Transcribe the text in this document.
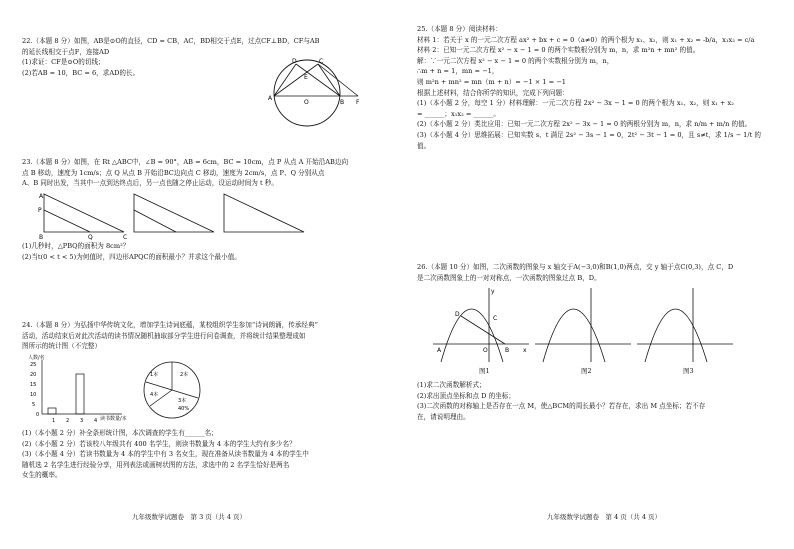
22.（本题 8 分）如图，AB是⊙O的直径，CD = CB，AC，BD相交于点E，过点CF⊥BD，CF与AB
的延长线相交于点F，连接AD
(1)求证：CF是⊙O的切线；
(2)若AB = 10，BC = 6，求AD的长。
D	C
E
A
O	B F
23.（本题 8 分）如图，在 Rt △ABC中，∠B = 90°，AB = 6cm，BC = 10cm，点 P 从点 A 开始沿AB边向
点 B 移动，速度为 1cm/s；点 Q 从点 B 开始沿BC边向点 C 移动，速度为 2cm/s，点 P、Q 分别从点
A、B 同时出发，当其中一点到达终点后，另一点也随之停止运动，设运动时间为 t 秒。
A
P
B	Q	C
(1)几秒时，△PBQ的面积为 8cm²？
(2)当t(0 < t < 5)为何值时，四边形APQC的面积最小？并求这个最小值。
24.（本题 8 分）为弘扬中华传统文化，增加学生诗词底蕴，某校组织学生参加“诗词朗诵，传承经典”
活动，活动结束后对此次活动的读书情况随机抽取部分学生进行问卷调查，并将统计结果整理成如
图所示的统计图（不完整）
人数/名
25
20
15
10
5
0
1 2 3 4 读书数量/本
1本	2本
3本
4本
40%
(1)（本小题 2 分）补全条形统计图，本次调查的学生有______名；
(2)（本小题 2 分）若该校八年级共有 400 名学生，则读书数量为 4 本的学生大约有多少名？
(3)（本小题 4 分）若读书数量为 4 本的学生中有 3 名女生，现在准备从读书数量为 4 本的学生中
随机选 2 名学生进行经验分享，用列表法或画树状图的方法，求选中的 2 名学生恰好是两名
女生的概率。
九年级数学试题卷　第 3 页（共 4 页）
25.（本题 8 分）阅读材料：
材料 1：若关于 x 的一元二次方程 ax² + bx + c = 0（a≠0）的两个根为 x₁、x₂，则 x₁ + x₂ = -b/a，x₁x₂ = c/a
材料 2：已知一元二次方程 x² − x − 1 = 0 的两个实数根分别为 m，n，求 m²n + mn² 的值。
解：∵一元二次方程 x² − x − 1 = 0 的两个实数根分别为 m，n，
∴m + n = 1，mn = −1，
则 m²n + mn² = mn（m + n）= −1 × 1 = −1
根据上述材料，结合你所学的知识，完成下列问题：
(1)（本小题 2 分，每空 1 分）材料理解：一元二次方程 2x² − 3x − 1 = 0 的两个根为 x₁、x₂，则 x₁ + x₂
= ______；x₁x₂ = ______。
(2)（本小题 2 分）类比应用：已知一元二次方程 2x² − 3x − 1 = 0 的两根分别为 m，n，求 n/m + m/n 的值。
(3)（本小题 4 分）思维拓展：已知实数 s、t 满足 2s² − 3s − 1 = 0，2t² − 3t − 1 = 0，且 s≠t，求 1/s − 1/t 的
值。
26.（本题 10 分）如图，二次函数的图象与 x 轴交于A(−3,0)和B(1,0)两点，交 y 轴于点C(0,3)，点 C，D
是二次函数图象上的一对对称点，一次函数的图象过点 B，D。
y
x
A	B
C
D
O
图1	图2	图3
(1)求二次函数解析式；
(2)求出顶点坐标和点 D 的坐标；
(3)二次函数的对称轴上是否存在一点 M，使△BCM的周长最小？若存在，求出 M 点坐标；若不存
在，请说明理由。
九年级数学试题卷　第 4 页（共 4 页）
